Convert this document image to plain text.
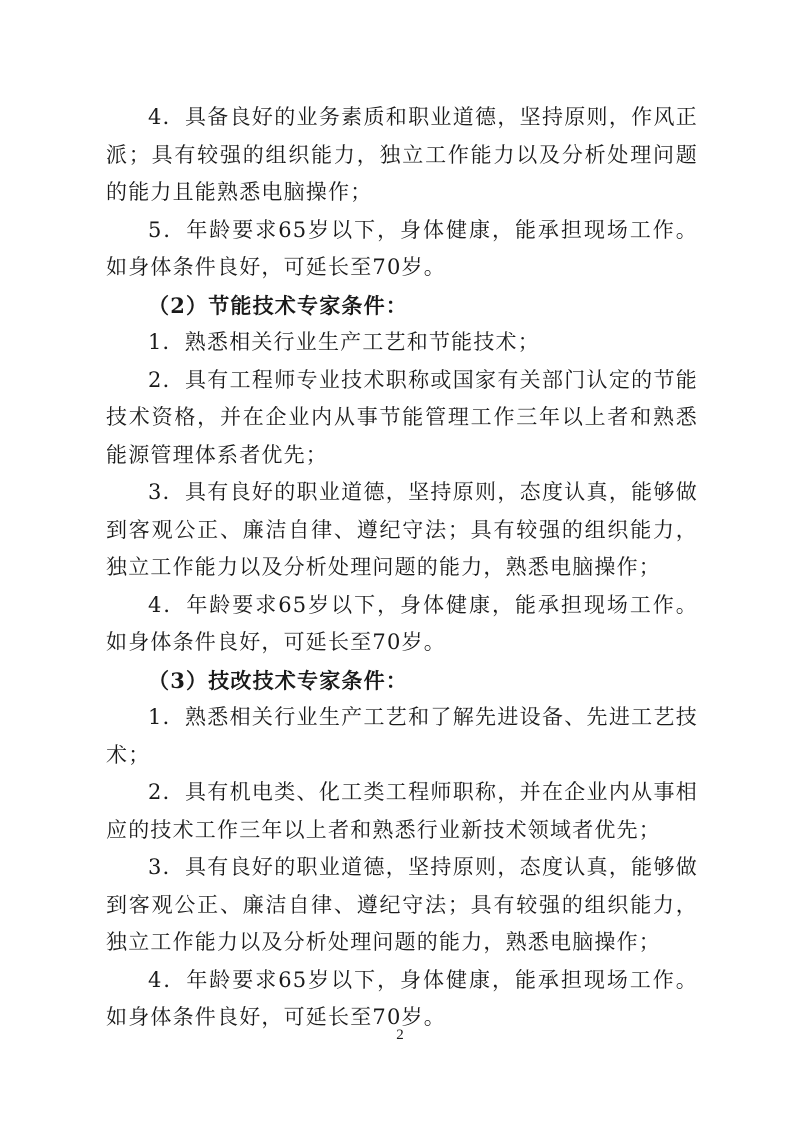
4．具备良好的业务素质和职业道德，坚持原则，作风正派；具有较强的组织能力，独立工作能力以及分析处理问题的能力且能熟悉电脑操作；

5．年龄要求65岁以下，身体健康，能承担现场工作。如身体条件良好，可延长至70岁。

（2）节能技术专家条件：

1．熟悉相关行业生产工艺和节能技术；

2．具有工程师专业技术职称或国家有关部门认定的节能技术资格，并在企业内从事节能管理工作三年以上者和熟悉能源管理体系者优先；

3．具有良好的职业道德，坚持原则，态度认真，能够做到客观公正、廉洁自律、遵纪守法；具有较强的组织能力，独立工作能力以及分析处理问题的能力，熟悉电脑操作；

4．年龄要求65岁以下，身体健康，能承担现场工作。如身体条件良好，可延长至70岁。

（3）技改技术专家条件：

1．熟悉相关行业生产工艺和了解先进设备、先进工艺技术；

2．具有机电类、化工类工程师职称，并在企业内从事相应的技术工作三年以上者和熟悉行业新技术领域者优先；

3．具有良好的职业道德，坚持原则，态度认真，能够做到客观公正、廉洁自律、遵纪守法；具有较强的组织能力，独立工作能力以及分析处理问题的能力，熟悉电脑操作；

4．年龄要求65岁以下，身体健康，能承担现场工作。如身体条件良好，可延长至70岁。

2
